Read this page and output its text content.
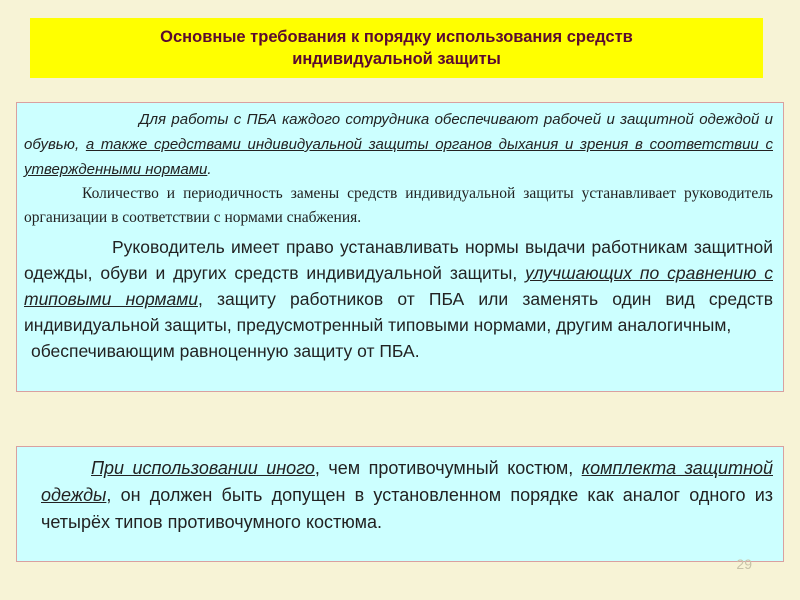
Основные требования к порядку использования средств
индивидуальной защиты

Для работы с ПБА каждого сотрудника обеспечивают рабочей и защитной одеждой и обувью, а также средствами индивидуальной защиты органов дыхания и зрения в соответствии с утвержденными нормами.

Количество и периодичность замены средств индивидуальной защиты устанавливает руководитель организации в соответствии с нормами снабжения.

Руководитель имеет право устанавливать нормы выдачи работникам защитной одежды, обуви и других средств индивидуальной защиты, улучшающих по сравнению с типовыми нормами, защиту работников от ПБА или заменять один вид средств индивидуальной защиты, предусмотренный типовыми нормами, другим аналогичным,

обеспечивающим равноценную защиту от ПБА.

При использовании иного, чем противочумный костюм, комплекта защитной одежды, он должен быть допущен в установленном порядке как аналог одного из четырёх типов противочумного костюма.

29
